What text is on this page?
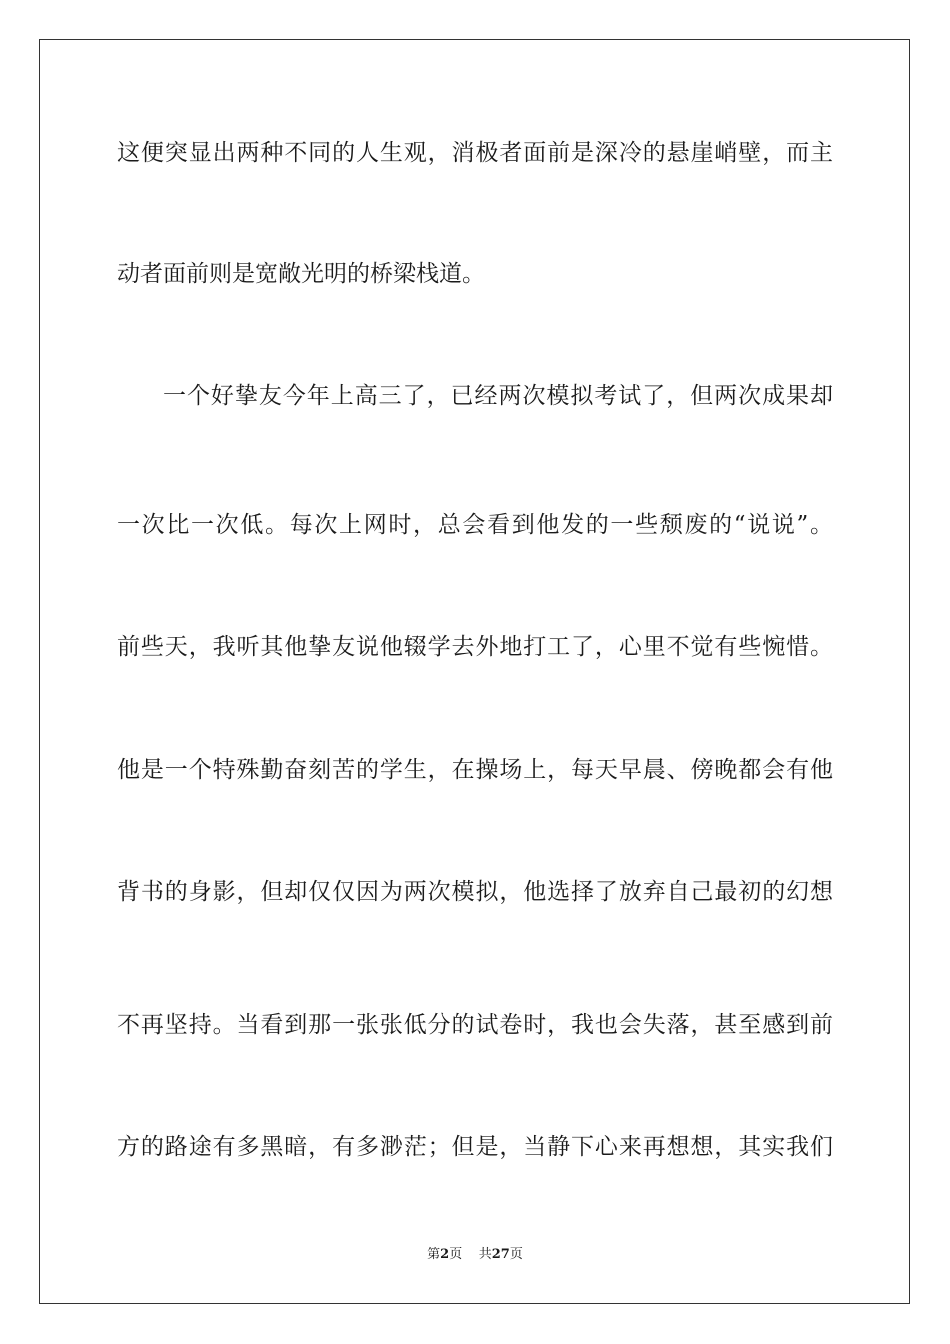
这便突显出两种不同的人生观，消极者面前是深冷的悬崖峭壁，而主
动者面前则是宽敞光明的桥梁栈道。
一个好挚友今年上高三了，已经两次模拟考试了，但两次成果却
一次比一次低。每次上网时，总会看到他发的一些颓废的“说说”。
前些天，我听其他挚友说他辍学去外地打工了，心里不觉有些惋惜。
他是一个特殊勤奋刻苦的学生，在操场上，每天早晨、傍晚都会有他
背书的身影，但却仅仅因为两次模拟，他选择了放弃自己最初的幻想
不再坚持。当看到那一张张低分的试卷时，我也会失落，甚至感到前
方的路途有多黑暗，有多渺茫；但是，当静下心来再想想，其实我们
第2页 共27页
